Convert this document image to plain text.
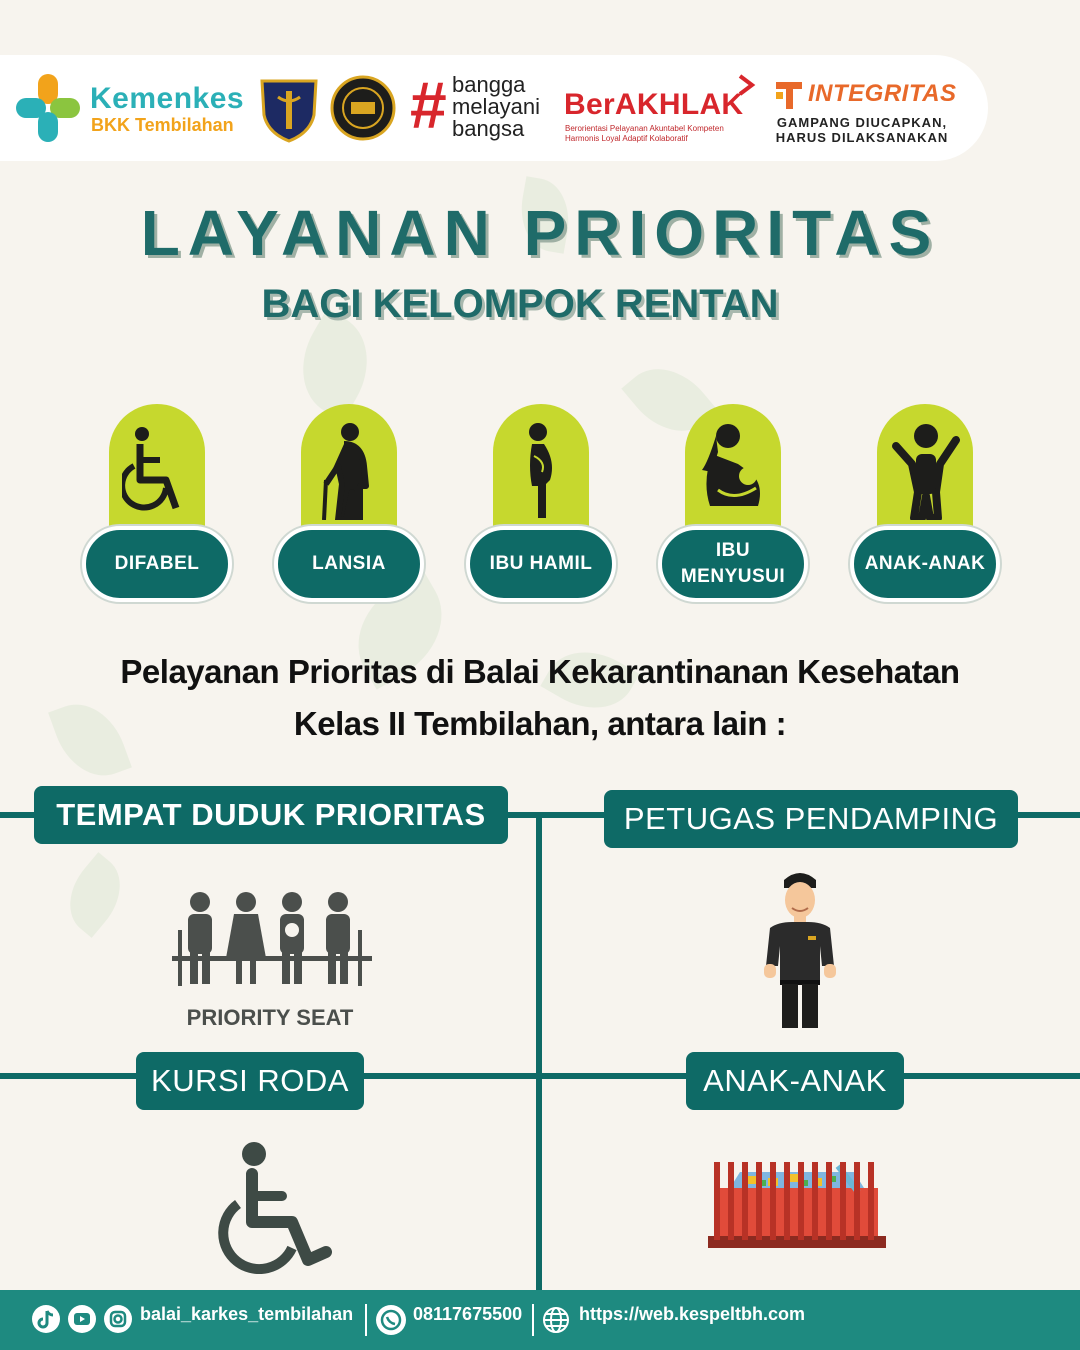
Kemenkes
BKK Tembilahan	# bangga
melayani
bangsa
BerAKHLAK
Berorientasi Pelayanan Akuntabel Kompeten
Harmonis Loyal Adaptif Kolaboratif
INTEGRITAS
GAMPANG DIUCAPKAN,
HARUS DILAKSANAKAN
LAYANAN PRIORITAS
BAGI KELOMPOK RENTAN
DIFABEL	LANSIA	IBU HAMIL
IBU
MENYUSUI
ANAK-ANAK
Pelayanan Prioritas di Balai Kekarantinanan Kesehatan
Kelas II Tembilahan, antara lain :
TEMPAT DUDUK PRIORITAS	PETUGAS PENDAMPING
KURSI RODA	ANAK-ANAK
PRIORITY SEAT
balai_karkes_tembilahan	08117675500	https://web.kespeltbh.com
